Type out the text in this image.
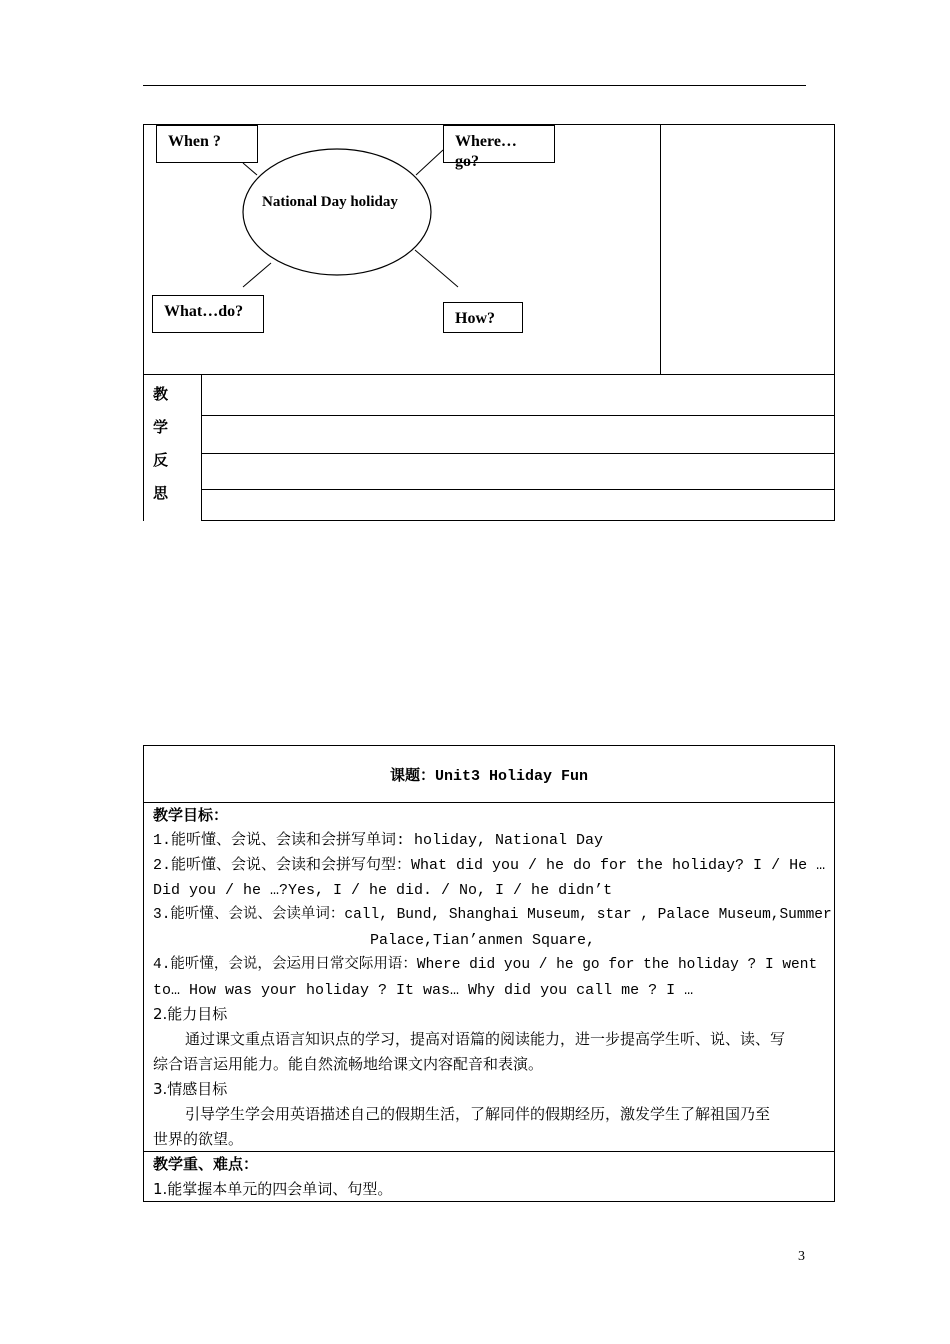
When ?	Where…
go?
National Day holiday
What…do?	How?
教
学
反
思
课题：Unit3 Holiday Fun
教学目标：
1.能听懂、会说、会读和会拼写单词: holiday, National Day
2.能听懂、会说、会读和会拼写句型：What did you / he do for the holiday? I / He …
Did you / he …?Yes, I / he did. / No, I / he didn’t
3.能听懂、会说、会读单词：call, Bund, Shanghai Museum, star , Palace Museum,Summer
Palace,Tian’anmen Square,
4.能听懂，会说，会运用日常交际用语：Where did you / he go for the holiday ? I went
to… How was your holiday ? It was… Why did you call me ? I …
2.能力目标
通过课文重点语言知识点的学习，提高对语篇的阅读能力，进一步提高学生听、说、读、写
综合语言运用能力。能自然流畅地给课文内容配音和表演。
3.情感目标
引导学生学会用英语描述自己的假期生活，了解同伴的假期经历，激发学生了解祖国乃至
世界的欲望。
教学重、难点：
1.能掌握本单元的四会单词、句型。
3
